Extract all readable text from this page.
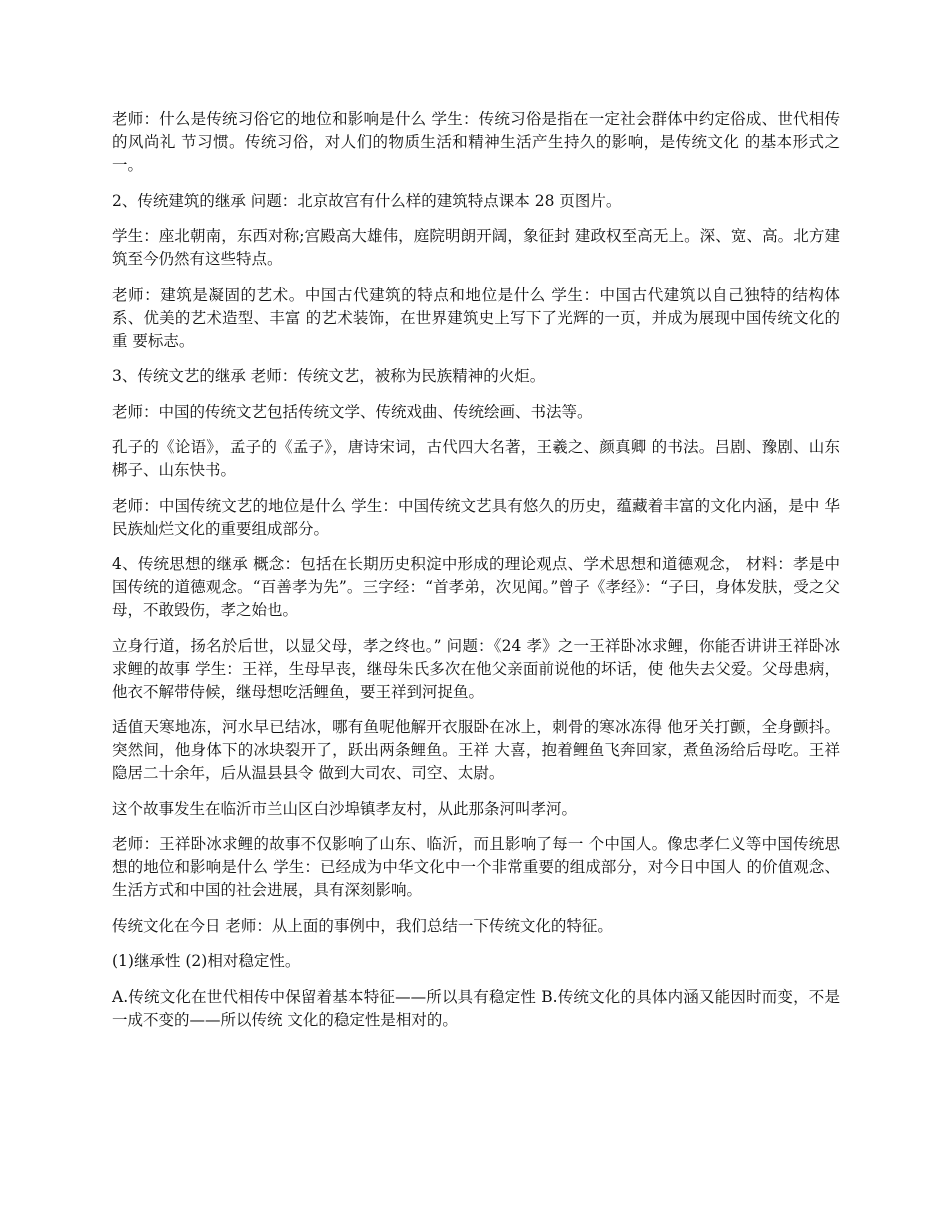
老师：什么是传统习俗它的地位和影响是什么 学生：传统习俗是指在一定社会群体中约定俗成、世代相传的风尚礼 节习惯。传统习俗，对人们的物质生活和精神生活产生持久的影响，是传统文化 的基本形式之一。

2、传统建筑的继承 问题：北京故宫有什么样的建筑特点课本 28 页图片。

学生：座北朝南，东西对称;宫殿高大雄伟，庭院明朗开阔，象征封 建政权至高无上。深、宽、高。北方建筑至今仍然有这些特点。

老师：建筑是凝固的艺术。中国古代建筑的特点和地位是什么 学生：中国古代建筑以自己独特的结构体系、优美的艺术造型、丰富 的艺术装饰，在世界建筑史上写下了光辉的一页，并成为展现中国传统文化的重 要标志。

3、传统文艺的继承 老师：传统文艺，被称为民族精神的火炬。

老师：中国的传统文艺包括传统文学、传统戏曲、传统绘画、书法等。

孔子的《论语》，孟子的《孟子》，唐诗宋词，古代四大名著，王羲之、颜真卿 的书法。吕剧、豫剧、山东梆子、山东快书。

老师：中国传统文艺的地位是什么 学生：中国传统文艺具有悠久的历史，蕴藏着丰富的文化内涵，是中 华民族灿烂文化的重要组成部分。

4、传统思想的继承 概念：包括在长期历史积淀中形成的理论观点、学术思想和道德观念， 材料：孝是中国传统的道德观念。“百善孝为先”。三字经：“首孝弟，次见闻。”曾子《孝经》：“子曰，身体发肤，受之父母，不敢毁伤，孝之始也。

立身行道，扬名於后世，以显父母，孝之终也。” 问题：《24 孝》之一王祥卧冰求鲤，你能否讲讲王祥卧冰求鲤的故事 学生：王祥，生母早丧，继母朱氏多次在他父亲面前说他的坏话，使 他失去父爱。父母患病，他衣不解带侍候，继母想吃活鲤鱼，要王祥到河捉鱼。

适值天寒地冻，河水早已结冰，哪有鱼呢他解开衣服卧在冰上，刺骨的寒冰冻得 他牙关打颤，全身颤抖。突然间，他身体下的冰块裂开了，跃出两条鲤鱼。王祥 大喜，抱着鲤鱼飞奔回家，煮鱼汤给后母吃。王祥隐居二十余年，后从温县县令 做到大司农、司空、太尉。

这个故事发生在临沂市兰山区白沙埠镇孝友村，从此那条河叫孝河。

老师：王祥卧冰求鲤的故事不仅影响了山东、临沂，而且影响了每一 个中国人。像忠孝仁义等中国传统思想的地位和影响是什么 学生：已经成为中华文化中一个非常重要的组成部分，对今日中国人 的价值观念、生活方式和中国的社会进展，具有深刻影响。

传统文化在今日 老师：从上面的事例中，我们总结一下传统文化的特征。

(1)继承性 (2)相对稳定性。

A.传统文化在世代相传中保留着基本特征——所以具有稳定性 B.传统文化的具体内涵又能因时而变，不是一成不变的——所以传统 文化的稳定性是相对的。
